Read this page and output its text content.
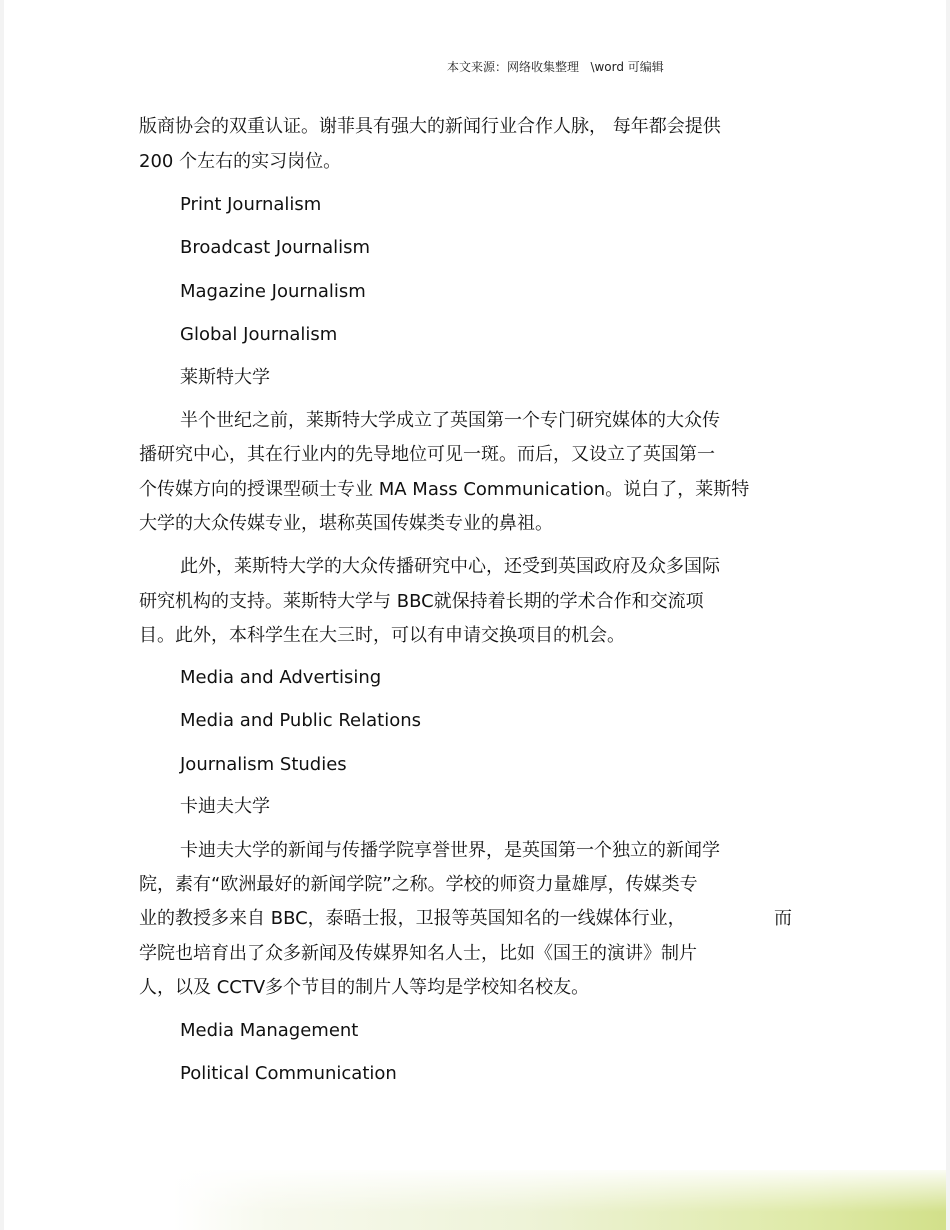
本文来源：网络收集整理   \word 可编辑
版商协会的双重认证。谢菲具有强大的新闻行业合作人脉， 每年都会提供
200 个左右的实习岗位。
Print Journalism
Broadcast Journalism
Magazine Journalism
Global Journalism
莱斯特大学
半个世纪之前，莱斯特大学成立了英国第一个专门研究媒体的大众传
播研究中心，其在行业内的先导地位可见一斑。而后，又设立了英国第一
个传媒方向的授课型硕士专业 MA Mass Communication。说白了，莱斯特
大学的大众传媒专业，堪称英国传媒类专业的鼻祖。
此外，莱斯特大学的大众传播研究中心，还受到英国政府及众多国际
研究机构的支持。莱斯特大学与 BBC就保持着长期的学术合作和交流项
目。此外，本科学生在大三时，可以有申请交换项目的机会。
Media and Advertising
Media and Public Relations
Journalism Studies
卡迪夫大学
卡迪夫大学的新闻与传播学院享誉世界，是英国第一个独立的新闻学
院，素有“欧洲最好的新闻学院”之称。学校的师资力量雄厚，传媒类专
业的教授多来自 BBC，泰晤士报，卫报等英国知名的一线媒体行业，	而
学院也培育出了众多新闻及传媒界知名人士，比如《国王的演讲》制片
人，以及 CCTV多个节目的制片人等均是学校知名校友。
Media Management
Political Communication
